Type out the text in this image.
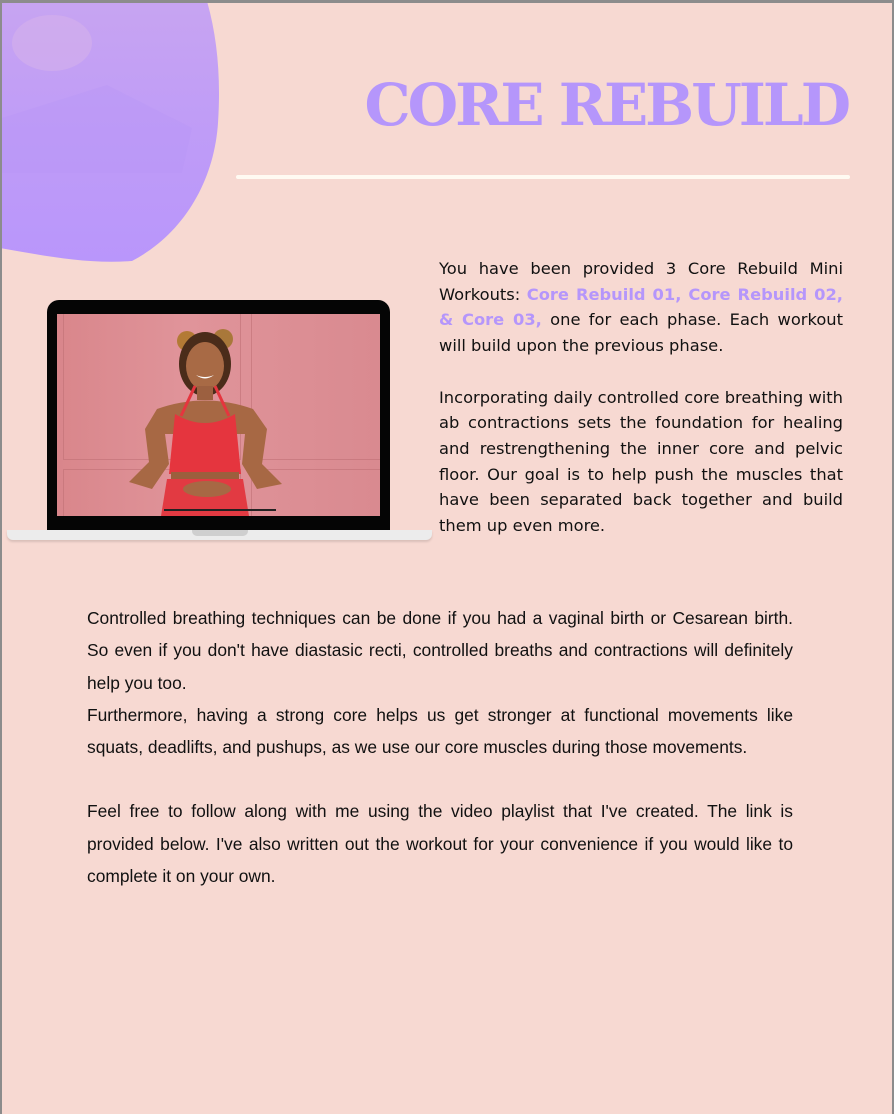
CORE REBUILD

You have been provided 3 Core Rebuild Mini Workouts: Core Rebuild 01, Core Rebuild 02, & Core 03, one for each phase. Each workout will build upon the previous phase.

Incorporating daily controlled core breathing with ab contractions sets the foundation for healing and restrengthening the inner core and pelvic floor. Our goal is to help push the muscles that have been separated back together and build them up even more.

Controlled breathing techniques can be done if you had a vaginal birth or Cesarean birth. So even if you don't have diastasic recti, controlled breaths and contractions will definitely help you too.

Furthermore, having a strong core helps us get stronger at functional movements like squats, deadlifts, and pushups, as we use our core muscles during those movements.

Feel free to follow along with me using the video playlist that I've created. The link is provided below. I've also written out the workout for your convenience if you would like to complete it on your own.
